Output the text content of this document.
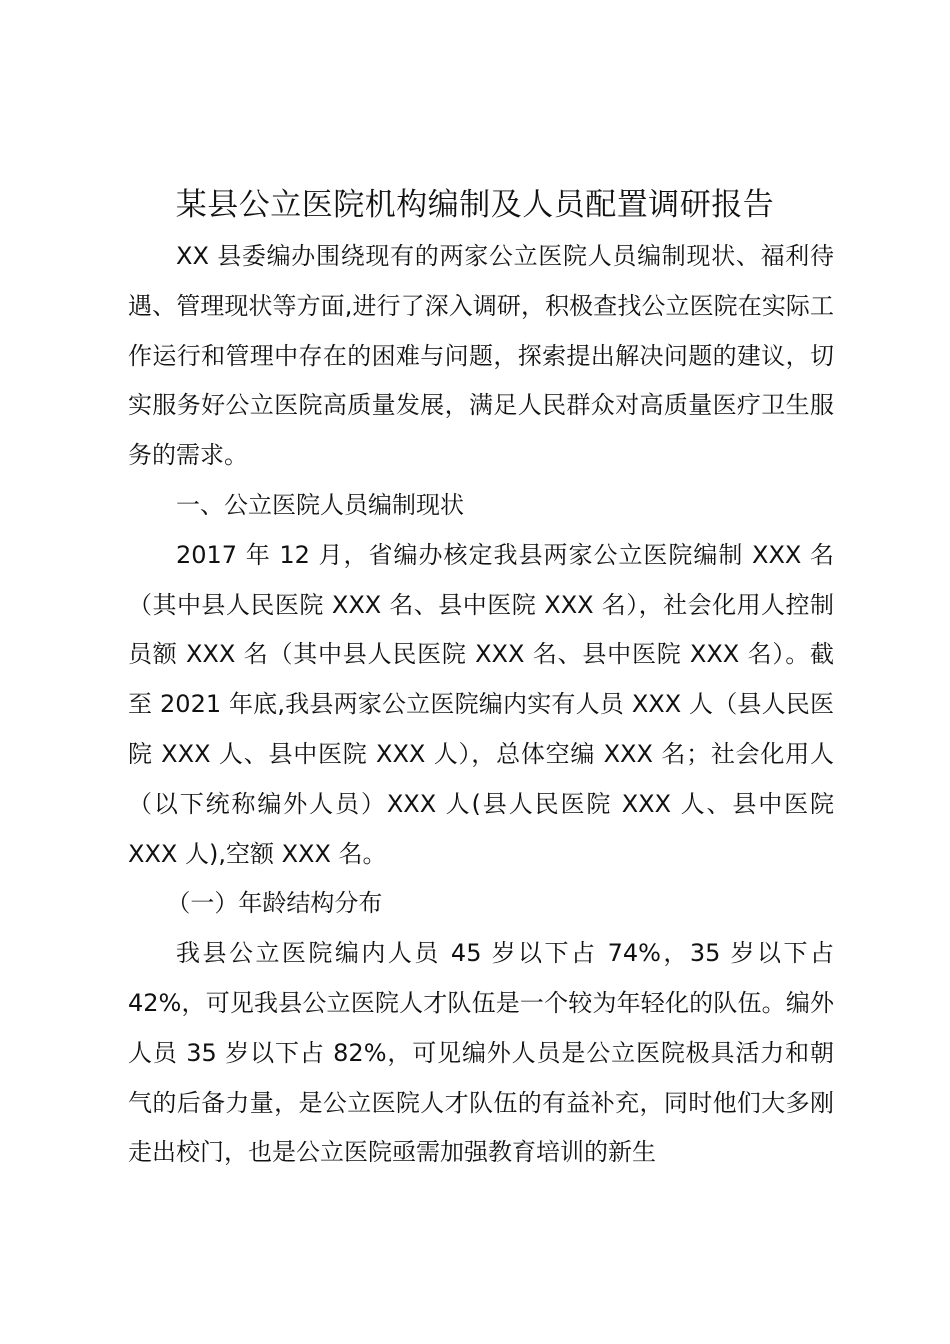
某县公立医院机构编制及人员配置调研报告

XX 县委编办围绕现有的两家公立医院人员编制现状、福利待遇、管理现状等方面,进行了深入调研，积极查找公立医院在实际工作运行和管理中存在的困难与问题，探索提出解决问题的建议，切实服务好公立医院高质量发展，满足人民群众对高质量医疗卫生服务的需求。

一、公立医院人员编制现状

2017 年 12 月，省编办核定我县两家公立医院编制 XXX 名（其中县人民医院 XXX 名、县中医院 XXX 名），社会化用人控制员额 XXX 名（其中县人民医院 XXX 名、县中医院 XXX 名）。截至 2021 年底,我县两家公立医院编内实有人员 XXX 人（县人民医院 XXX 人、县中医院 XXX 人），总体空编 XXX 名；社会化用人（以下统称编外人员）XXX 人(县人民医院 XXX 人、县中医院 XXX 人),空额 XXX 名。

（一）年龄结构分布

我县公立医院编内人员 45 岁以下占 74%，35 岁以下占 42%，可见我县公立医院人才队伍是一个较为年轻化的队伍。编外人员 35 岁以下占 82%，可见编外人员是公立医院极具活力和朝气的后备力量，是公立医院人才队伍的有益补充，同时他们大多刚走出校门，也是公立医院亟需加强教育培训的新生
